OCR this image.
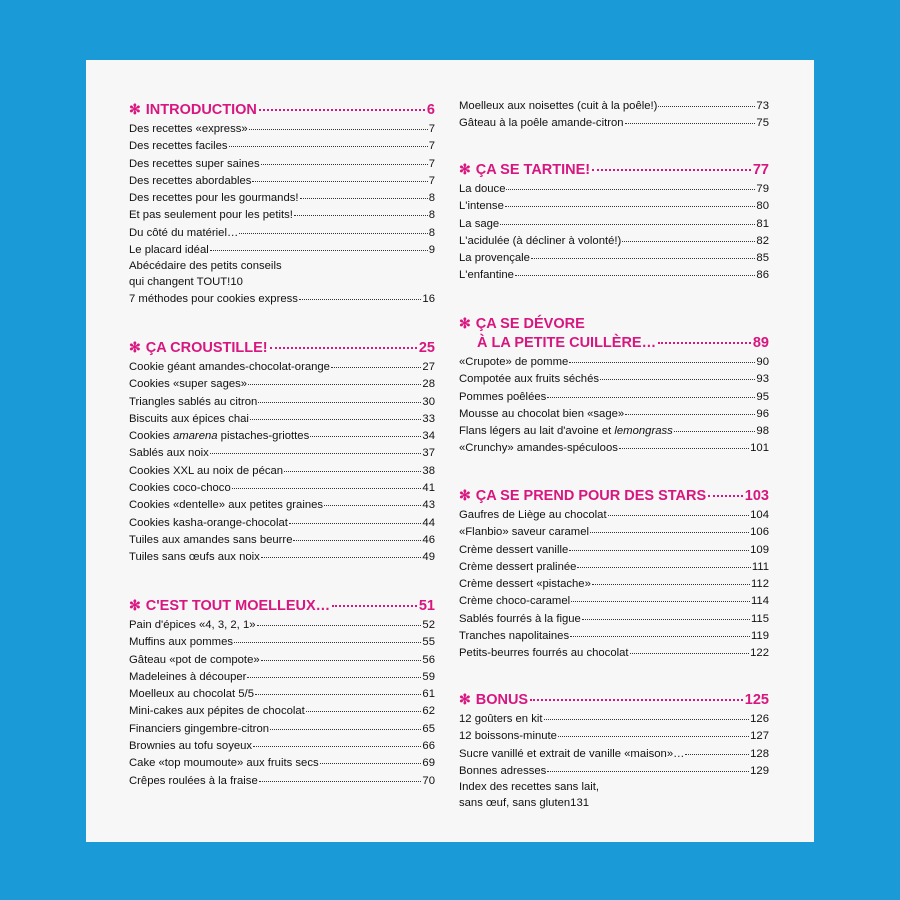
✻ INTRODUCTION	6
Des recettes «express»	7
Des recettes faciles	7
Des recettes super saines	7
Des recettes abordables	7
Des recettes pour les gourmands!	8
Et pas seulement pour les petits!	8
Du côté du matériel…	8
Le placard idéal	9
Abécédaire des petits conseils
qui changent TOUT! 10
7 méthodes pour cookies express	16
✻ ÇA CROUSTILLE!	25
Cookie géant amandes-chocolat-orange	27
Cookies «super sages»	28
Triangles sablés au citron	30
Biscuits aux épices chai	33
Cookies amarena pistaches-griottes	34
Sablés aux noix	37
Cookies XXL au noix de pécan	38
Cookies coco-choco	41
Cookies «dentelle» aux petites graines	43
Cookies kasha-orange-chocolat	44
Tuiles aux amandes sans beurre	46
Tuiles sans œufs aux noix	49
✻ C'EST TOUT MOELLEUX…	51
Pain d'épices «4, 3, 2, 1»	52
Muffins aux pommes	55
Gâteau «pot de compote»	56
Madeleines à découper	59
Moelleux au chocolat 5/5	61
Mini-cakes aux pépites de chocolat	62
Financiers gingembre-citron	65
Brownies au tofu soyeux	66
Cake «top moumoute» aux fruits secs	69
Crêpes roulées à la fraise	70
Moelleux aux noisettes (cuit à la poêle!)	73
Gâteau à la poêle amande-citron	75
✻ ÇA SE TARTINE!	77
La douce	79
L'intense	80
La sage	81
L'acidulée (à décliner à volonté!)	82
La provençale	85
L'enfantine	86
✻ ÇA SE DÉVORE
À LA PETITE CUILLÈRE…	89
«Crupote» de pomme	90
Compotée aux fruits séchés	93
Pommes poêlées	95
Mousse au chocolat bien «sage»	96
Flans légers au lait d'avoine et lemongrass	98
«Crunchy» amandes-spéculoos	101
✻ ÇA SE PREND POUR DES STARS	103
Gaufres de Liège au chocolat	104
«Flanbio» saveur caramel	106
Crème dessert vanille	109
Crème dessert pralinée	111
Crème dessert «pistache»	112
Crème choco-caramel	114
Sablés fourrés à la figue	115
Tranches napolitaines	119
Petits-beurres fourrés au chocolat	122
✻ BONUS	125
12 goûters en kit	126
12 boissons-minute	127
Sucre vanillé et extrait de vanille «maison»…	128
Bonnes adresses	129
Index des recettes sans lait,
sans œuf, sans gluten 131
